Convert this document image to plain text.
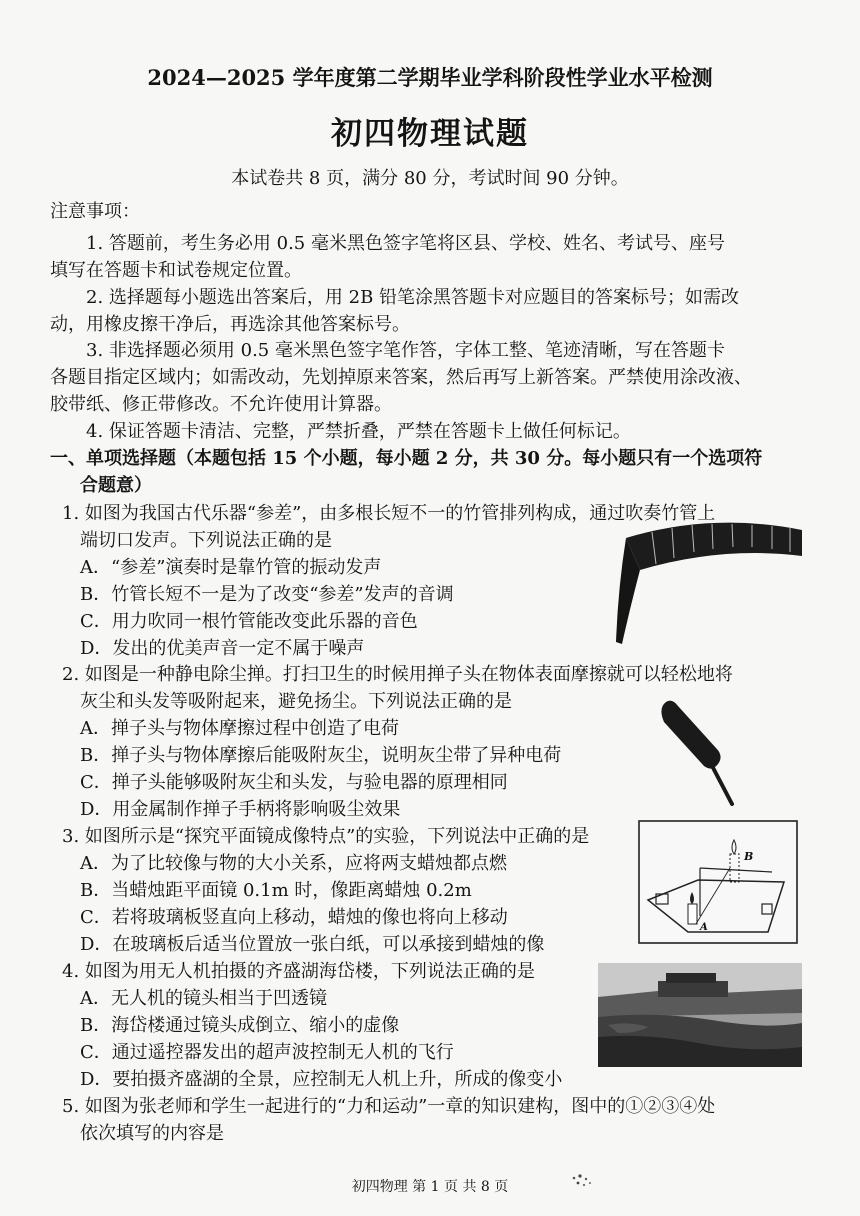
2024—2025 学年度第二学期毕业学科阶段性学业水平检测
初四物理试题
本试卷共 8 页，满分 80 分，考试时间 90 分钟。
注意事项：
1. 答题前，考生务必用 0.5 毫米黑色签字笔将区县、学校、姓名、考试号、座号
填写在答题卡和试卷规定位置。
2. 选择题每小题选出答案后，用 2B 铅笔涂黑答题卡对应题目的答案标号；如需改
动，用橡皮擦干净后，再选涂其他答案标号。
3. 非选择题必须用 0.5 毫米黑色签字笔作答，字体工整、笔迹清晰，写在答题卡
各题目指定区域内；如需改动，先划掉原来答案，然后再写上新答案。严禁使用涂改液、
胶带纸、修正带修改。不允许使用计算器。
4. 保证答题卡清洁、完整，严禁折叠，严禁在答题卡上做任何标记。
一、单项选择题（本题包括 15 个小题，每小题 2 分，共 30 分。每小题只有一个选项符
合题意）
1. 如图为我国古代乐器“参差”，由多根长短不一的竹管排列构成，通过吹奏竹管上
端切口发声。下列说法正确的是
A．“参差”演奏时是靠竹管的振动发声
B．竹管长短不一是为了改变“参差”发声的音调
C．用力吹同一根竹管能改变此乐器的音色
D．发出的优美声音一定不属于噪声
2. 如图是一种静电除尘掸。打扫卫生的时候用掸子头在物体表面摩擦就可以轻松地将
灰尘和头发等吸附起来，避免扬尘。下列说法正确的是
A．掸子头与物体摩擦过程中创造了电荷
B．掸子头与物体摩擦后能吸附灰尘，说明灰尘带了异种电荷
C．掸子头能够吸附灰尘和头发，与验电器的原理相同
D．用金属制作掸子手柄将影响吸尘效果
3. 如图所示是“探究平面镜成像特点”的实验，下列说法中正确的是
A．为了比较像与物的大小关系，应将两支蜡烛都点燃
B．当蜡烛距平面镜 0.1m 时，像距离蜡烛 0.2m
C．若将玻璃板竖直向上移动，蜡烛的像也将向上移动
D．在玻璃板后适当位置放一张白纸，可以承接到蜡烛的像
B
A
4. 如图为用无人机拍摄的齐盛湖海岱楼，下列说法正确的是
A．无人机的镜头相当于凹透镜
B．海岱楼通过镜头成倒立、缩小的虚像
C．通过遥控器发出的超声波控制无人机的飞行
D．要拍摄齐盛湖的全景，应控制无人机上升，所成的像变小
5. 如图为张老师和学生一起进行的“力和运动”一章的知识建构，图中的①②③④处
依次填写的内容是
初四物理 第 1 页 共 8 页
